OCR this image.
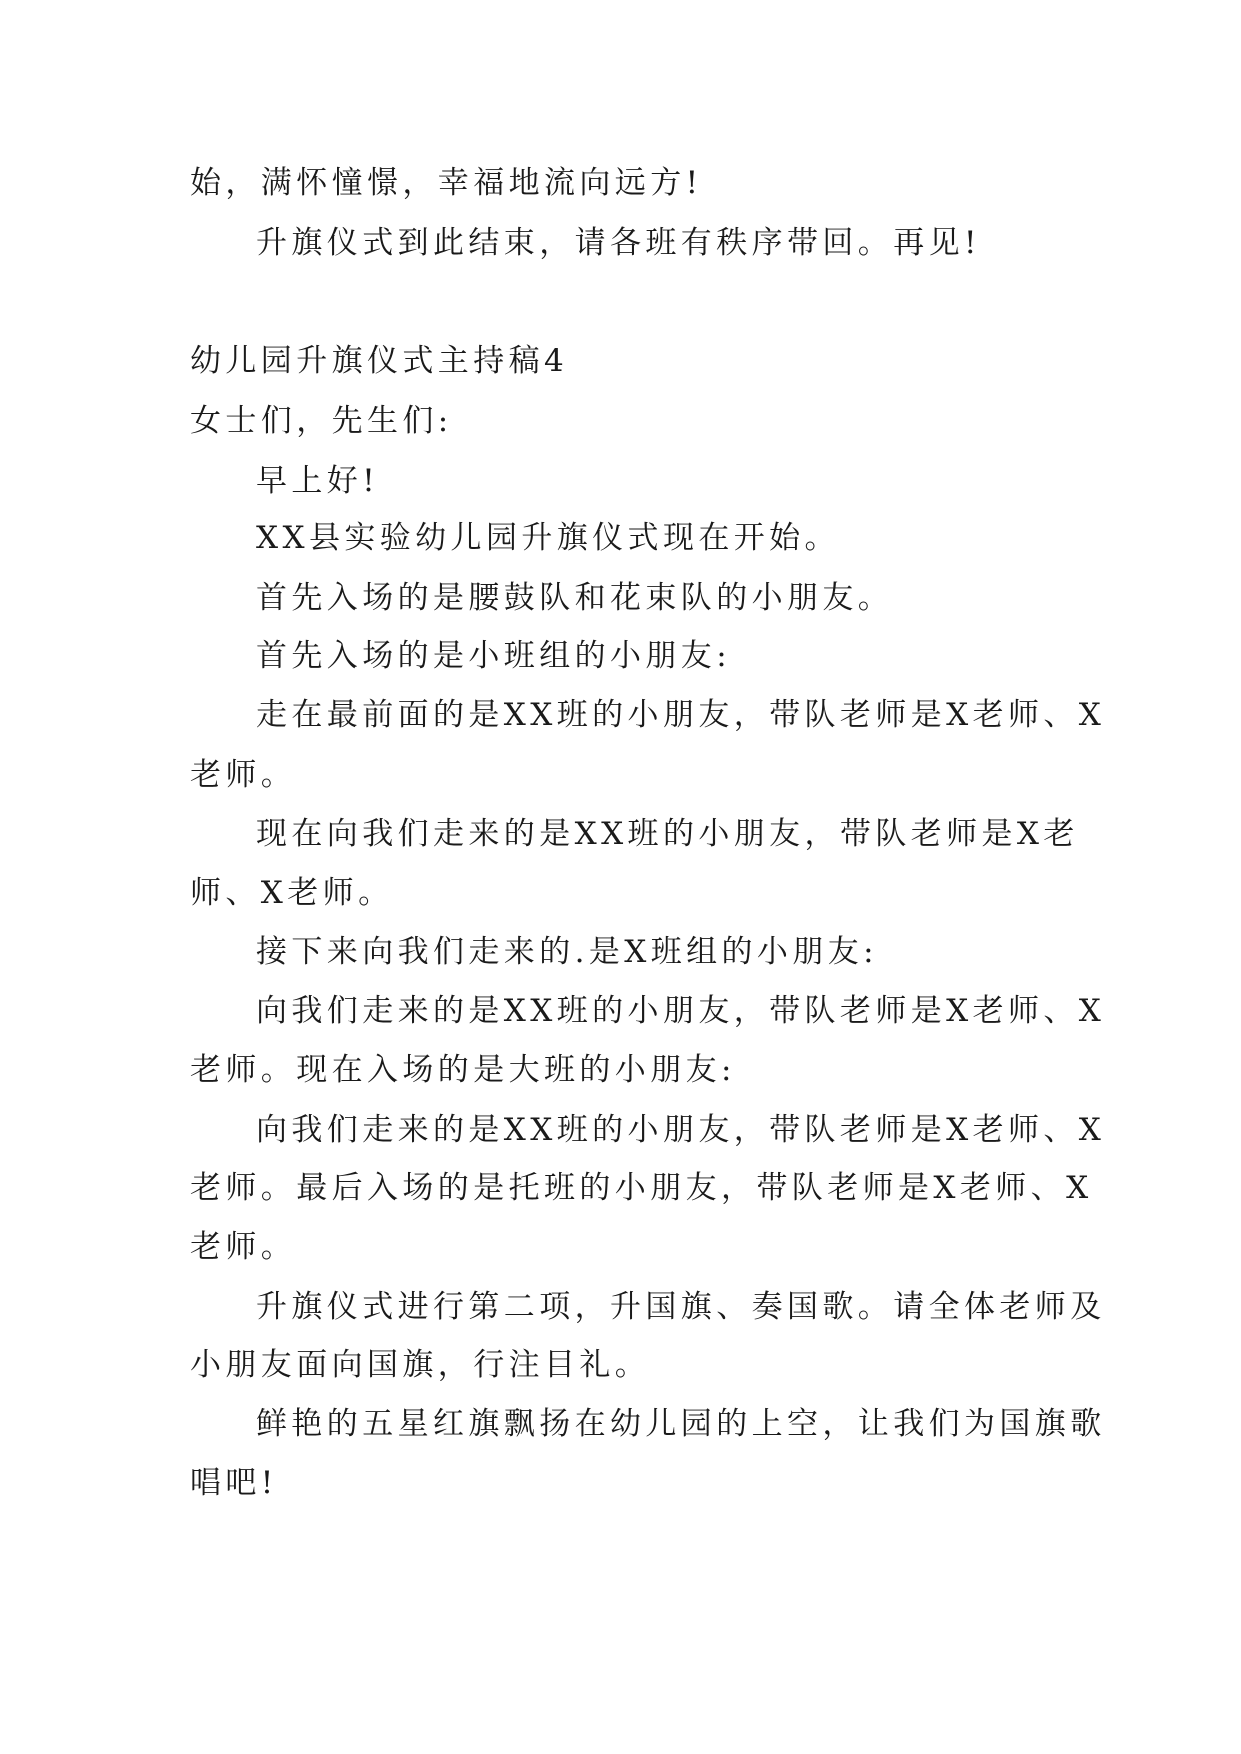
始，满怀憧憬，幸福地流向远方!
升旗仪式到此结束，请各班有秩序带回。再见!
幼儿园升旗仪式主持稿4
女士们，先生们:
早上好!
XX县实验幼儿园升旗仪式现在开始。
首先入场的是腰鼓队和花束队的小朋友。
首先入场的是小班组的小朋友:
走在最前面的是XX班的小朋友，带队老师是X老师、X
老师。
现在向我们走来的是XX班的小朋友，带队老师是X老
师、X老师。
接下来向我们走来的.是X班组的小朋友:
向我们走来的是XX班的小朋友，带队老师是X老师、X
老师。现在入场的是大班的小朋友:
向我们走来的是XX班的小朋友，带队老师是X老师、X
老师。最后入场的是托班的小朋友，带队老师是X老师、X
老师。
升旗仪式进行第二项，升国旗、奏国歌。请全体老师及
小朋友面向国旗，行注目礼。
鲜艳的五星红旗飘扬在幼儿园的上空，让我们为国旗歌
唱吧!
